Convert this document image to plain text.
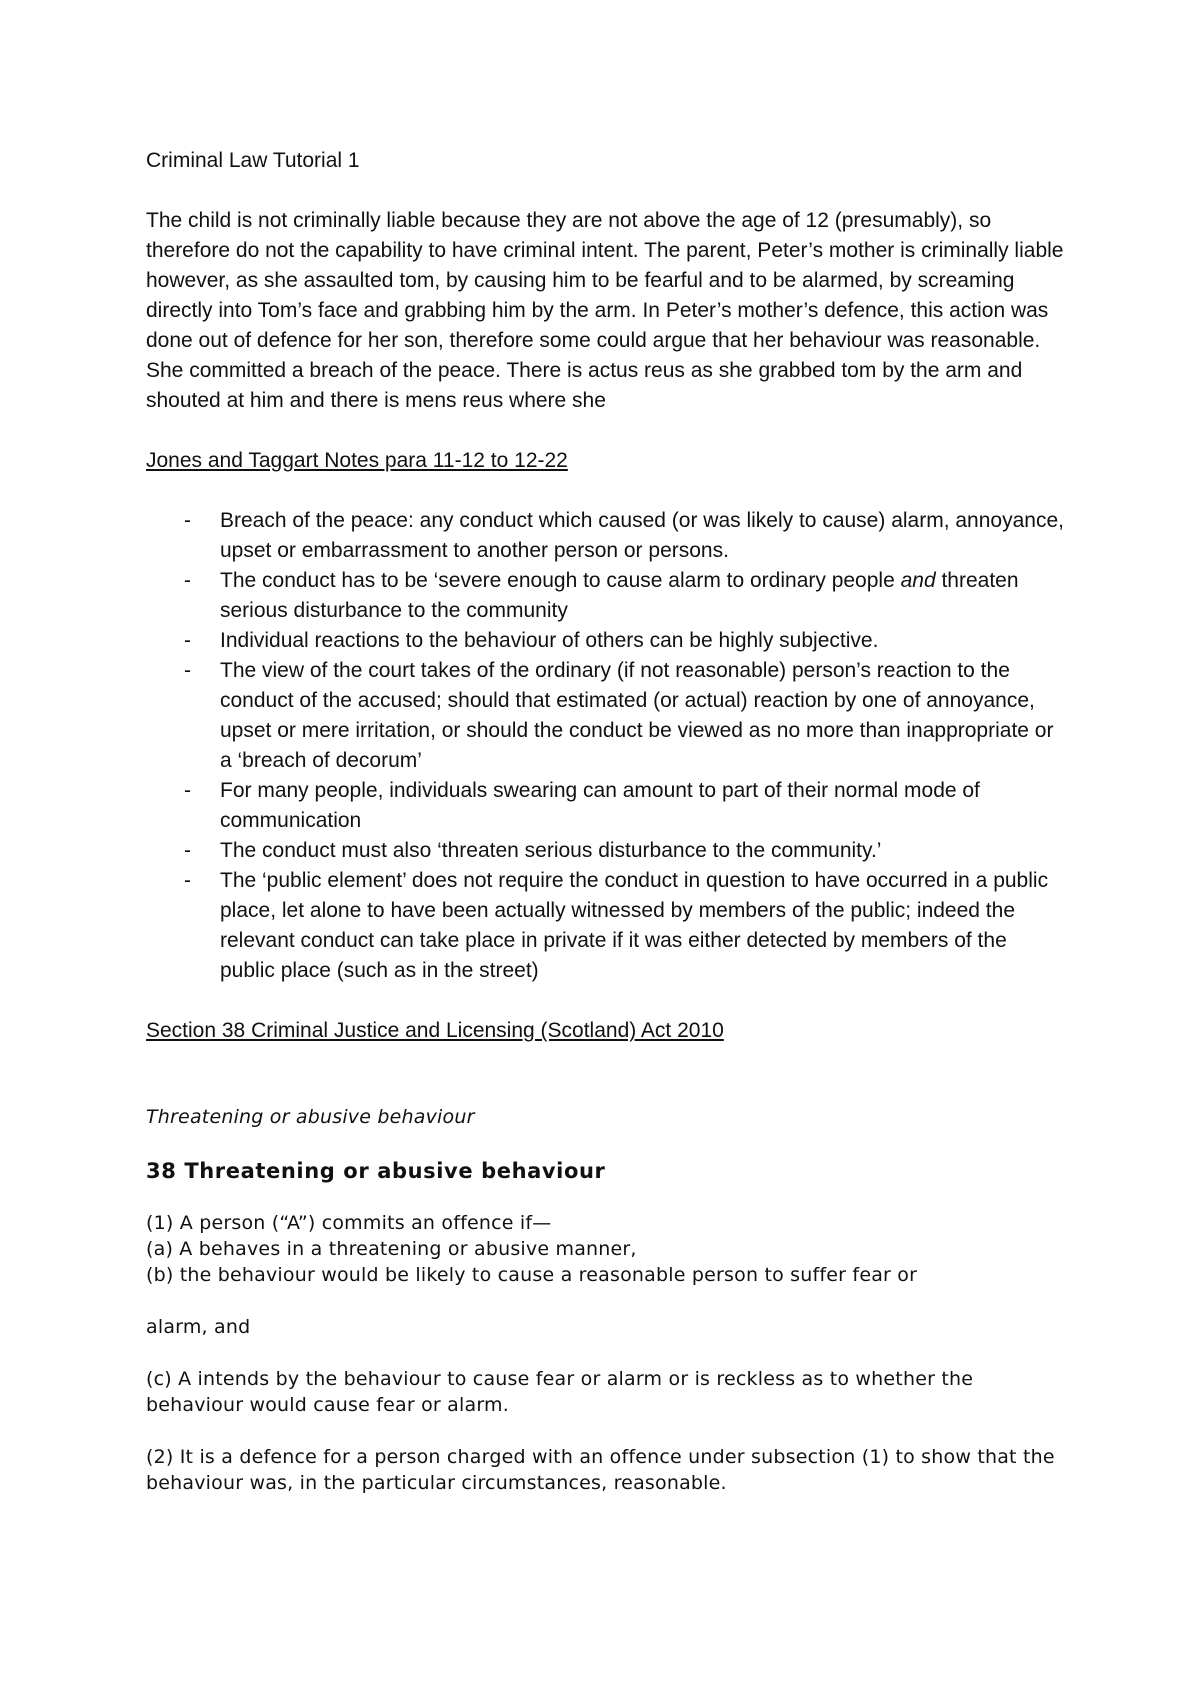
Criminal Law Tutorial 1

The child is not criminally liable because they are not above the age of 12 (presumably), so therefore do not the capability to have criminal intent. The parent, Peter’s mother is criminally liable however, as she assaulted tom, by causing him to be fearful and to be alarmed, by screaming directly into Tom’s face and grabbing him by the arm. In Peter’s mother’s defence, this action was done out of defence for her son, therefore some could argue that her behaviour was reasonable. She committed a breach of the peace. There is actus reus as she grabbed tom by the arm and shouted at him and there is mens reus where she

Jones and Taggart Notes para 11-12 to 12-22

- Breach of the peace: any conduct which caused (or was likely to cause) alarm, annoyance, upset or embarrassment to another person or persons.
- The conduct has to be ‘severe enough to cause alarm to ordinary people and threaten serious disturbance to the community
- Individual reactions to the behaviour of others can be highly subjective.
- The view of the court takes of the ordinary (if not reasonable) person’s reaction to the conduct of the accused; should that estimated (or actual) reaction by one of annoyance, upset or mere irritation, or should the conduct be viewed as no more than inappropriate or a ‘breach of decorum’
- For many people, individuals swearing can amount to part of their normal mode of communication
- The conduct must also ‘threaten serious disturbance to the community.’
- The ‘public element’ does not require the conduct in question to have occurred in a public place, let alone to have been actually witnessed by members of the public; indeed the relevant conduct can take place in private if it was either detected by members of the public place (such as in the street)

Section 38 Criminal Justice and Licensing (Scotland) Act 2010

Threatening or abusive behaviour

38 Threatening or abusive behaviour

(1) A person (“A”) commits an offence if—

(a) A behaves in a threatening or abusive manner,

(b) the behaviour would be likely to cause a reasonable person to suffer fear or

alarm, and

(c) A intends by the behaviour to cause fear or alarm or is reckless as to whether the behaviour would cause fear or alarm.

(2) It is a defence for a person charged with an offence under subsection (1) to show that the behaviour was, in the particular circumstances, reasonable.
